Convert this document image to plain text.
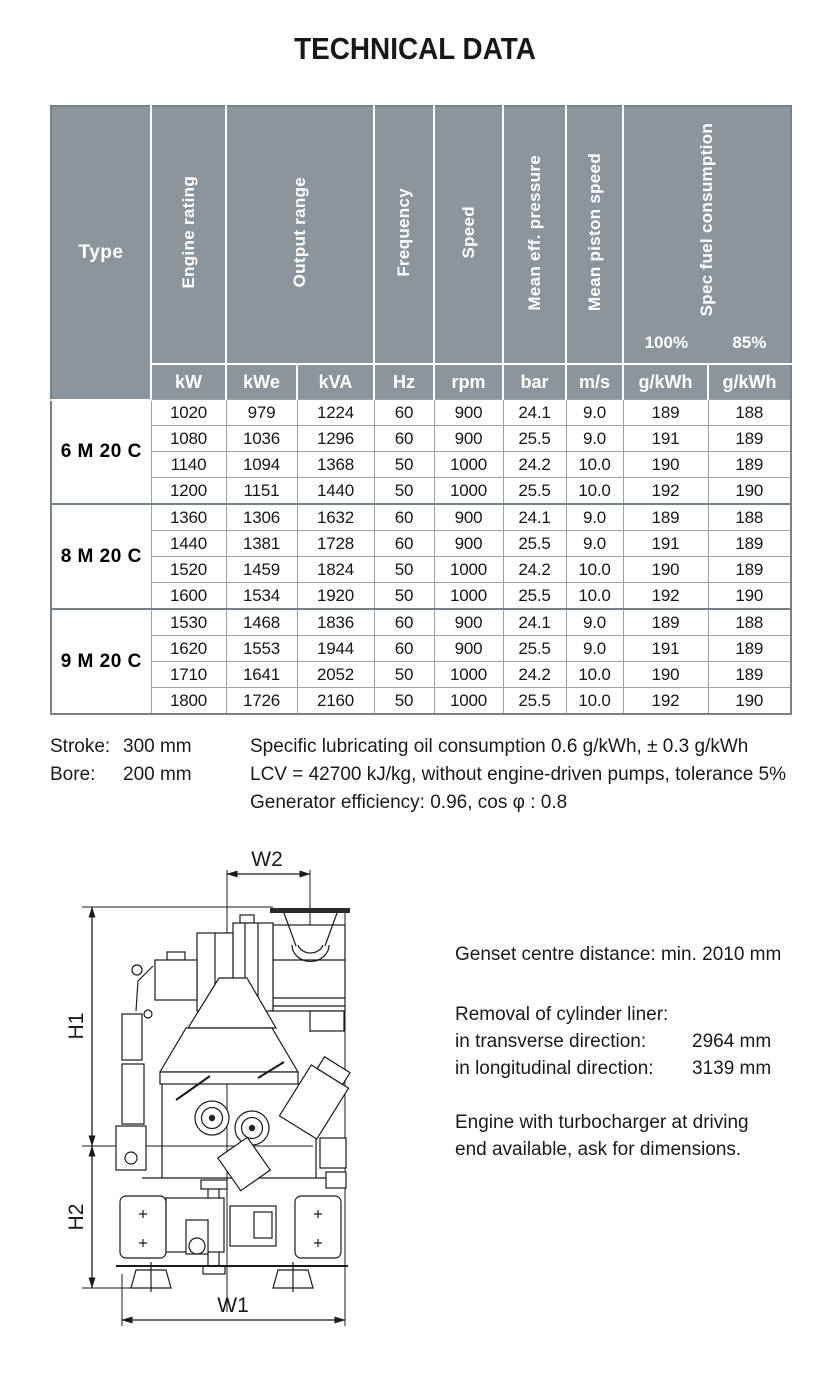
TECHNICAL DATA
Type	Engine rating	Output range		Frequency	Speed	Mean eff. pressure	Mean piston speed	Spec fuel consumption
100% 85%	

	kW	kWe	kVA	Hz	rpm	bar	m/s	g/kWh	g/kWh
6 M 20 C	1020	979	1224	60	900	24.1	9.0	189	188
	1080	1036	1296	60	900	25.5	9.0	191	189
	1140	1094	1368	50	1000	24.2	10.0	190	189
	1200	1151	1440	50	1000	25.5	10.0	192	190
8 M 20 C	1360	1306	1632	60	900	24.1	9.0	189	188
	1440	1381	1728	60	900	25.5	9.0	191	189
	1520	1459	1824	50	1000	24.2	10.0	190	189
	1600	1534	1920	50	1000	25.5	10.0	192	190
9 M 20 C	1530	1468	1836	60	900	24.1	9.0	189	188
	1620	1553	1944	60	900	25.5	9.0	191	189
	1710	1641	2052	50	1000	24.2	10.0	190	189
	1800	1726	2160	50	1000	25.5	10.0	192	190
Stroke: 300 mm
Bore: 200 mm
Specific lubricating oil consumption 0.6 g/kWh, ± 0.3 g/kWh
LCV = 42700 kJ/kg, without engine-driven pumps, tolerance 5%
Generator efficiency: 0.96, cos φ : 0.8
W2
H1
H2
W1
Genset centre distance: min. 2010 mm
Removal of cylinder liner:
in transverse direction:	2964 mm
in longitudinal direction:	3139 mm
Engine with turbocharger at driving
end available, ask for dimensions.
